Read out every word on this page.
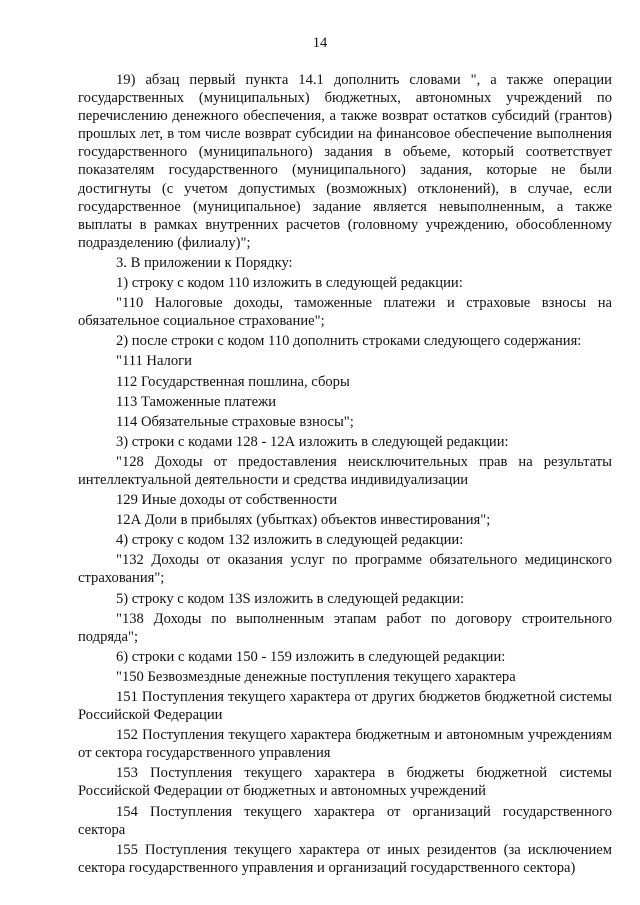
14

19) абзац первый пункта 14.1 дополнить словами ", а также операции государственных (муниципальных) бюджетных, автономных учреждений по перечислению денежного обеспечения, а также возврат остатков субсидий (грантов) прошлых лет, в том числе возврат субсидии на финансовое обеспечение выполнения государственного (муниципального) задания в объеме, который соответствует показателям государственного (муниципального) задания, которые не были достигнуты (с учетом допустимых (возможных) отклонений), в случае, если государственное (муниципальное) задание является невыполненным, а также выплаты в рамках внутренних расчетов (головному учреждению, обособленному подразделению (филиалу)";

3. В приложении к Порядку:

1) строку с кодом 110 изложить в следующей редакции:

"110 Налоговые доходы, таможенные платежи и страховые взносы на обязательное социальное страхование";

2) после строки с кодом 110 дополнить строками следующего содержания:

"111 Налоги

112 Государственная пошлина, сборы

113 Таможенные платежи

114 Обязательные страховые взносы";

3) строки с кодами 128 - 12А изложить в следующей редакции:

"128 Доходы от предоставления неисключительных прав на результаты интеллектуальной деятельности и средства индивидуализации

129 Иные доходы от собственности

12А Доли в прибылях (убытках) объектов инвестирования";

4) строку с кодом 132 изложить в следующей редакции:

"132 Доходы от оказания услуг по программе обязательного медицинского страхования";

5) строку с кодом 13S изложить в следующей редакции:

"138 Доходы по выполненным этапам работ по договору строительного подряда";

6) строки с кодами 150 - 159 изложить в следующей редакции:

"150 Безвозмездные денежные поступления текущего характера

151 Поступления текущего характера от других бюджетов бюджетной системы Российской Федерации

152 Поступления текущего характера бюджетным и автономным учреждениям от сектора государственного управления

153 Поступления текущего характера в бюджеты бюджетной системы Российской Федерации от бюджетных и автономных учреждений

154 Поступления текущего характера от организаций государственного сектора

155 Поступления текущего характера от иных резидентов (за исключением сектора государственного управления и организаций государственного сектора)
